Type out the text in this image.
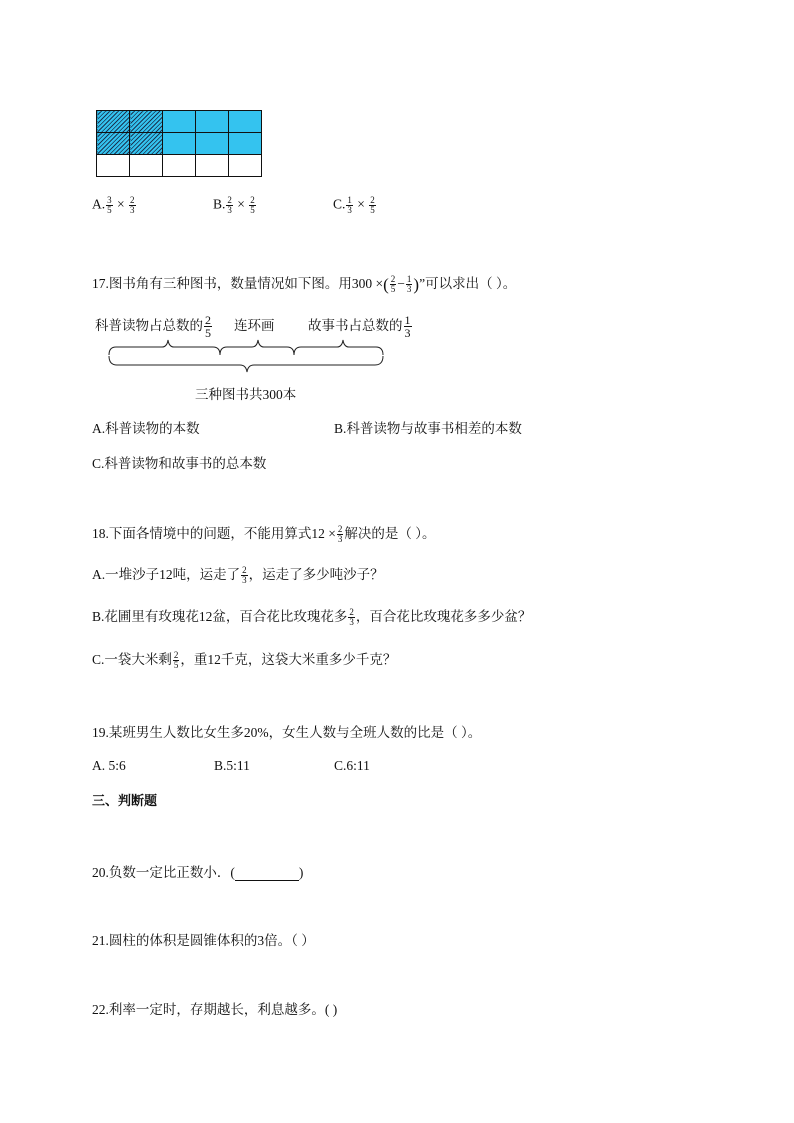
A. $\frac{3}{5} \times \frac{2}{3}$	B. $\frac{2}{3} \times \frac{2}{5}$	C. $\frac{1}{3} \times \frac{2}{5}$
17.图书角有三种图书，数量情况如下图。用300 ×( $\frac{2}{5} - \frac{1}{3}$ )”可以求出（ ）。
科普读物占总数的 $\frac{2}{5}$ 连环画 故事书占总数的 $\frac{1}{3}$
三种图书共300本
A.科普读物的本数	B.科普读物与故事书相差的本数
C.科普读物和故事书的总本数
18.下面各情境中的问题，不能用算式$12 \times \frac{2}{3}$ 解决的是（ ）。
A.一堆沙子12吨，运走了 $\frac{2}{3}$ ，运走了多少吨沙子？
B.花圃里有玫瑰花12盆，百合花比玫瑰花多 $\frac{2}{3}$ ，百合花比玫瑰花多多少盆？
C.一袋大米剩 $\frac{2}{5}$ ，重12千克，这袋大米重多少千克？
19.某班男生人数比女生多20%，女生人数与全班人数的比是（ ）。
A. 5:6	B.5:11	C.6:11
三、判断题
20.负数一定比正数小．(	)
21.圆柱的体积是圆锥体积的3倍。（ ）
22.利率一定时，存期越长，利息越多。( )
